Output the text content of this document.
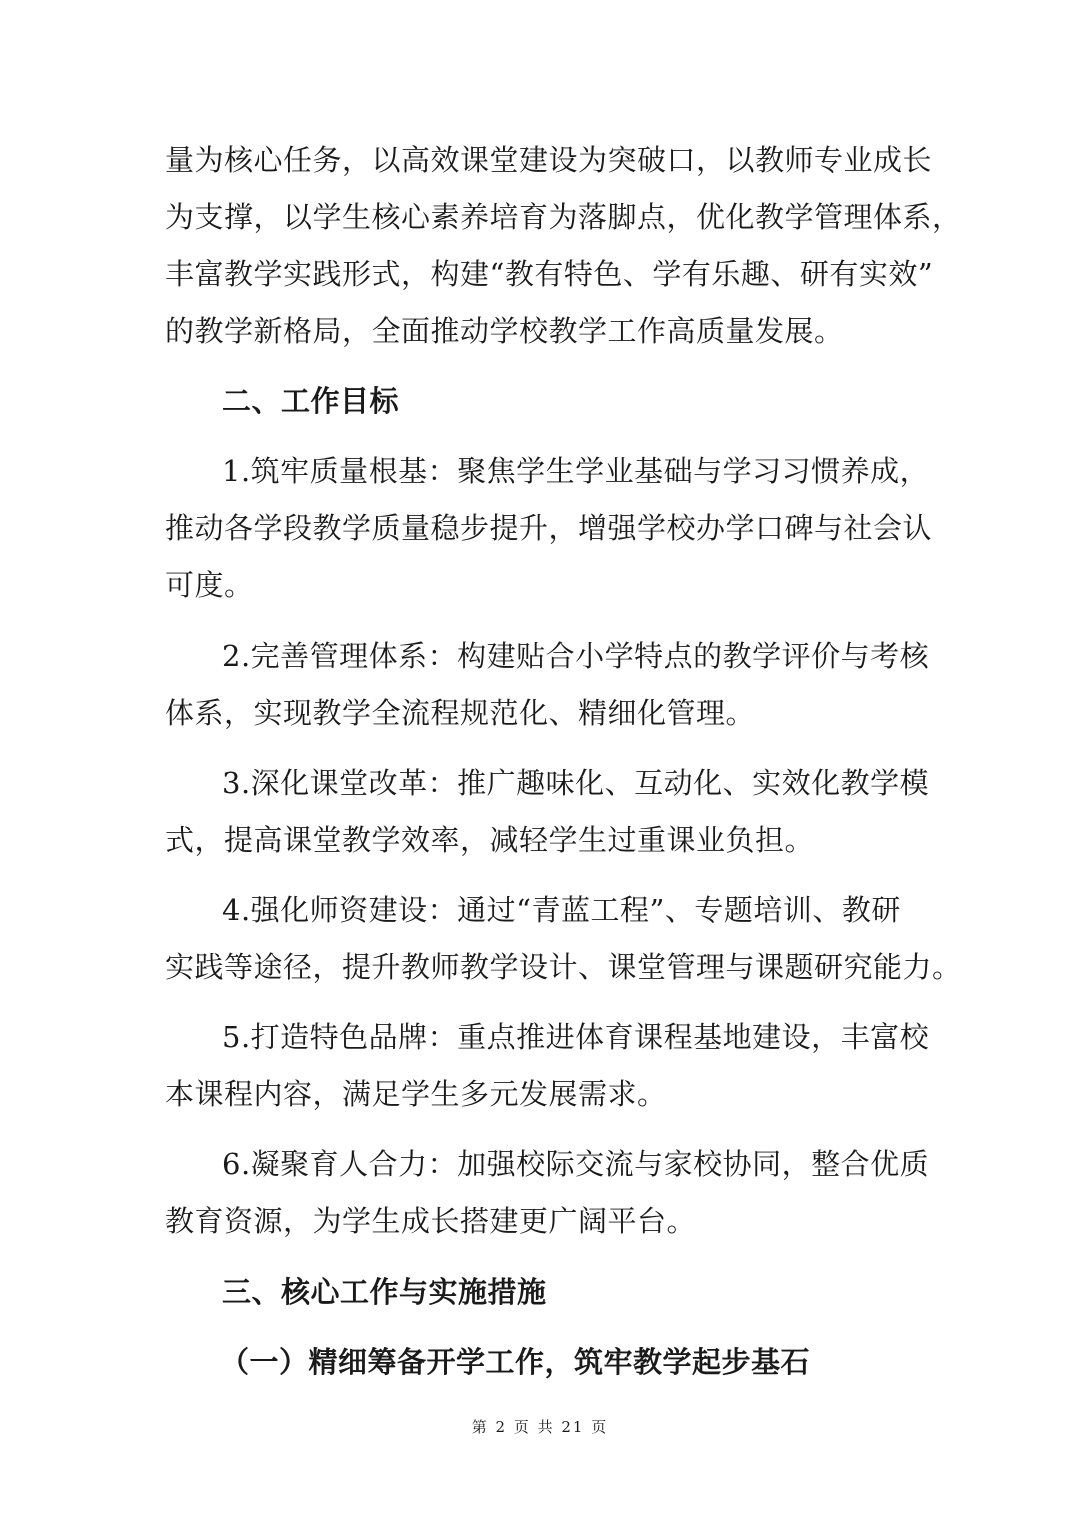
量为核心任务，以高效课堂建设为突破口，以教师专业成长
为支撑，以学生核心素养培育为落脚点，优化教学管理体系，
丰富教学实践形式，构建“教有特色、学有乐趣、研有实效”
的教学新格局，全面推动学校教学工作高质量发展。
二、工作目标
1.筑牢质量根基：聚焦学生学业基础与学习习惯养成，
推动各学段教学质量稳步提升，增强学校办学口碑与社会认
可度。
2.完善管理体系：构建贴合小学特点的教学评价与考核
体系，实现教学全流程规范化、精细化管理。
3.深化课堂改革：推广趣味化、互动化、实效化教学模
式，提高课堂教学效率，减轻学生过重课业负担。
4.强化师资建设：通过“青蓝工程”、专题培训、教研
实践等途径，提升教师教学设计、课堂管理与课题研究能力。
5.打造特色品牌：重点推进体育课程基地建设，丰富校
本课程内容，满足学生多元发展需求。
6.凝聚育人合力：加强校际交流与家校协同，整合优质
教育资源，为学生成长搭建更广阔平台。
三、核心工作与实施措施
（一）精细筹备开学工作，筑牢教学起步基石
第 2 页 共 21 页
